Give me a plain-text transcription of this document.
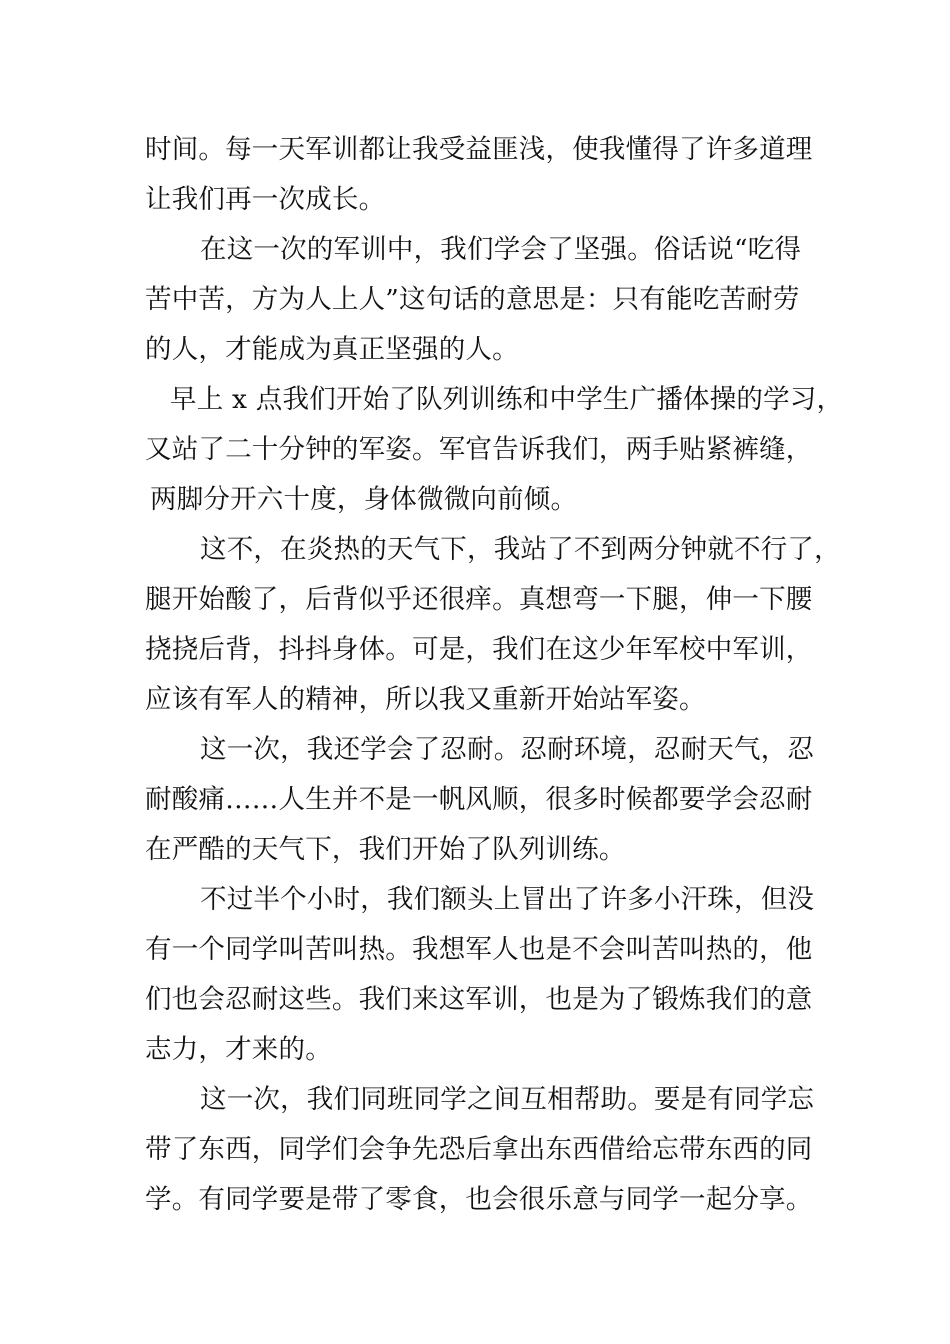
时间。每一天军训都让我受益匪浅，使我懂得了许多道理
让我们再一次成长。
在这一次的军训中，我们学会了坚强。俗话说“吃得
苦中苦，方为人上人”这句话的意思是：只有能吃苦耐劳
的人，才能成为真正坚强的人。
早上 x 点我们开始了队列训练和中学生广播体操的学习，
又站了二十分钟的军姿。军官告诉我们，两手贴紧裤缝，
两脚分开六十度，身体微微向前倾。
这不，在炎热的天气下，我站了不到两分钟就不行了，
腿开始酸了，后背似乎还很痒。真想弯一下腿，伸一下腰
挠挠后背，抖抖身体。可是，我们在这少年军校中军训，
应该有军人的精神，所以我又重新开始站军姿。
这一次，我还学会了忍耐。忍耐环境，忍耐天气，忍
耐酸痛……人生并不是一帆风顺，很多时候都要学会忍耐
在严酷的天气下，我们开始了队列训练。
不过半个小时，我们额头上冒出了许多小汗珠，但没
有一个同学叫苦叫热。我想军人也是不会叫苦叫热的，他
们也会忍耐这些。我们来这军训，也是为了锻炼我们的意
志力，才来的。
这一次，我们同班同学之间互相帮助。要是有同学忘
带了东西，同学们会争先恐后拿出东西借给忘带东西的同
学。有同学要是带了零食，也会很乐意与同学一起分享。
